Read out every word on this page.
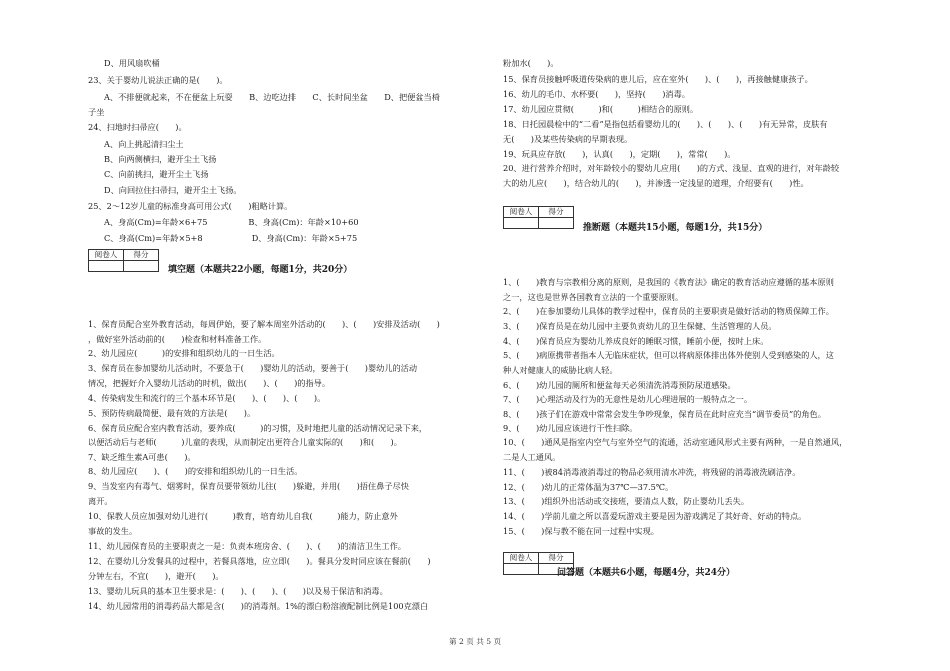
D、用风扇吹桶
23、关于婴幼儿说法正确的是(　　)。
A、不排便就起来，不在便盆上玩耍　　B、边吃边排　　C、长时间坐盆　　D、把便盆当椅
子坐
24、扫地时扫帚应(　　)。
A、向上挑起清扫尘土
B、向两侧横扫，避开尘土飞扬
C、向前挑扫，避开尘土飞扬
D、向回拉住扫帚扫，避开尘土飞扬。
25、2～12岁儿童的标准身高可用公式(　　)粗略计算。
A、身高(Cm)=年龄×6+75　　　　　B、身高(Cm)：年龄×10+60
C、身高(Cm)=年龄×5+8　　　　　　D、身高(Cm)：年龄×5+75
阅卷人	得分

填空题（本题共22小题，每题1分，共20分）
1、保育员配合室外教育活动，每周伊始，要了解本周室外活动的(　　)、(　　)安排及活动(　　)
，做好室外活动前的(　　)检查和材料准备工作。
2、幼儿园应(　　　)的安排和组织幼儿的一日生活。
3、保育员在参加婴幼儿活动时，不要急于(　　)婴幼儿的活动，要善于(　　)婴幼儿的活动
情况，把握好介入婴幼儿活动的时机，做出(　　)、(　　)的指导。
4、传染病发生和流行的三个基本环节是(　　)、(　　)、(　　)。
5、预防传病最简便、最有效的方法是(　　)。
6、保育员应配合室内教育活动，要养成(　　　)的习惯，及时地把儿童的活动情况记录下来，
以便活动后与老师(　　　)儿童的表现，从而制定出更符合儿童实际的(　　)和(　　)。
7、缺乏维生素A可患(　　)。
8、幼儿园应(　　)、(　　)的安排和组织幼儿的一日生活。
9、当发室内有毒气、烟雾时，保育员要带领幼儿往(　　)躲避，并用(　　)捂住鼻子尽快
离开。
10、保教人员应加强对幼儿进行(　　　)教育，培育幼儿自我(　　　)能力，防止意外
事故的发生。
11、幼儿园保育员的主要职责之一是：负责本班房舍、(　　)、(　　)的清洁卫生工作。
12、在婴幼儿分发餐具的过程中，若餐具落地，应立即(　　)。餐具分发时同应该在餐前(　　)
分钟左右，不宜(　　)，避开(　　)。
13、婴幼儿玩具的基本卫生要求是：(　　)、(　　)、(　　)以及易于保洁和消毒。
14、幼儿园常用的消毒药品大都是含(　　)的消毒剂。1%的漂白粉溶液配制比例是100克漂白
粉加水(　　)。
15、保育员接触呼吸道传染病的患儿后，应在室外(　　)、(　　)，再接触健康孩子。
16、幼儿的毛巾、水杯要(　　)，坚持(　　)消毒。
17、幼儿园应贯彻(　　　)和(　　　)相结合的原则。
18、日托园晨检中的“二看”是指包括看婴幼儿的(　　)、(　　)、(　　)有无异常，皮肤有
无(　　)及某些传染病的早期表现。
19、玩具应存放(　　)，认真(　　)，定期(　　)，常常(　　)。
20、进行营养介绍时，对年龄较小的婴幼儿应用(　　)的方式、浅显、直观的进行，对年龄较
大的幼儿应(　　)，结合幼儿的(　　)，并渗透一定浅显的道理，介绍要有(　　)性。
阅卷人	得分

推断题（本题共15小题，每题1分，共15分）
1、(　　)教育与宗教相分离的原则，是我国的《教育法》确定的教育活动应遵循的基本原则
之一，这也是世界各国教育立法的一个重要原则。
2、(　　)在参加婴幼儿具体的教学过程中，保育员的主要职责是做好活动的物质保障工作。
3、(　　)保育员是在幼儿园中主要负责幼儿的卫生保健、生活管理的人员。
4、(　　)保育员应为婴幼儿养成良好的睡眠习惯，睡前小便，按时上床。
5、(　　)病原携带者指本人无临床症状，但可以将病原体排出体外使别人受到感染的人，这
种人对健康人的威胁比病人轻。
6、(　　)幼儿园的厕所和便盆每天必须清洗消毒预防尿道感染。
7、(　　)心理活动及行为的无意性是幼儿心理进展的一般特点之一。
8、(　　)孩子们在游戏中常常会发生争吵现象，保育员在此时应充当“调节委员”的角色。
9、(　　)幼儿园应该进行干性扫除。
10、(　　)通风是指室内空气与室外空气的流通，活动室通风形式主要有两种，一是自然通风，
二是人工通风。
11、(　　)被84消毒液消毒过的物品必须用清水冲洗，将残留的消毒液洗刷洁净。
12、(　　)幼儿的正常体温为37℃—37.5℃。
13、(　　)组织外出活动或交接班，要清点人数，防止婴幼儿丢失。
14、(　　)学前儿童之所以喜爱玩游戏主要是因为游戏满足了其好奇、好动的特点。
15、(　　)保与教不能在同一过程中实现。
阅卷人	得分

问答题（本题共6小题，每题4分，共24分）
第 2 页 共 5 页
